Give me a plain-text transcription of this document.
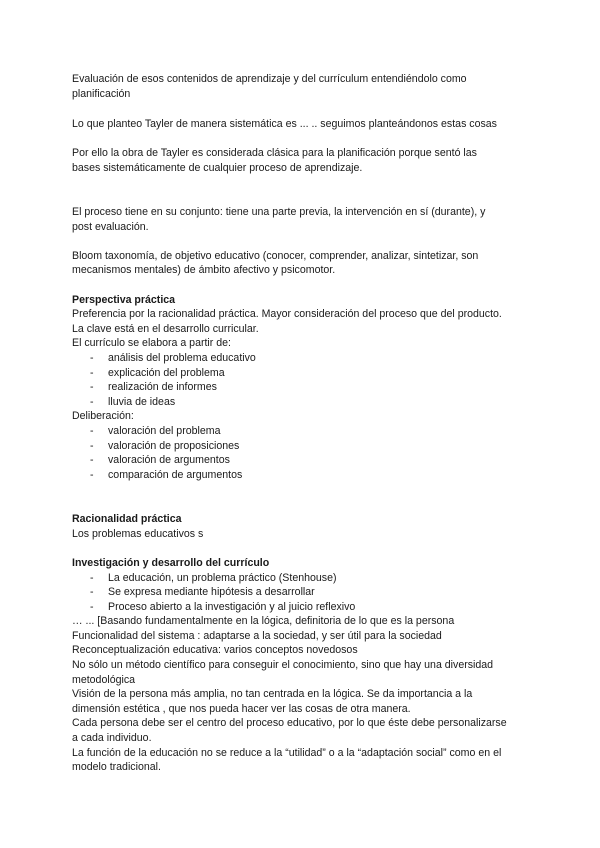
Evaluación de esos contenidos de aprendizaje y del currículum entendiéndolo como
planificación
Lo que planteo Tayler de manera sistemática es ... .. seguimos planteándonos estas cosas
Por ello la obra de Tayler es considerada clásica para la planificación porque sentó las
bases sistemáticamente de cualquier proceso de aprendizaje.
El proceso tiene en su conjunto: tiene una parte previa, la intervención en sí (durante), y
post evaluación.
Bloom taxonomía, de objetivo educativo (conocer, comprender, analizar, sintetizar, son
mecanismos mentales) de ámbito afectivo y psicomotor.
Perspectiva práctica
Preferencia por la racionalidad práctica. Mayor consideración del proceso que del producto.
La clave está en el desarrollo curricular.
El currículo se elabora a partir de:
-	análisis del problema educativo
-	explicación del problema
-	realización de informes
-	lluvia de ideas
Deliberación:
-	valoración del problema
-	valoración de proposiciones
-	valoración de argumentos
-	comparación de argumentos
Racionalidad práctica
Los problemas educativos s
Investigación y desarrollo del currículo
-	La educación, un problema práctico (Stenhouse)
-	Se expresa mediante hipótesis a desarrollar
-	Proceso abierto a la investigación y al juicio reflexivo
… ... [Basando fundamentalmente en la lógica, definitoria de lo que es la persona
Funcionalidad del sistema : adaptarse a la sociedad, y ser útil para la sociedad
Reconceptualización educativa: varios conceptos novedosos
No sólo un método científico para conseguir el conocimiento, sino que hay una diversidad
metodológica
Visión de la persona más amplia, no tan centrada en la lógica. Se da importancia a la
dimensión estética , que nos pueda hacer ver las cosas de otra manera.
Cada persona debe ser el centro del proceso educativo, por lo que éste debe personalizarse
a cada individuo.
La función de la educación no se reduce a la “utilidad” o a la “adaptación social” como en el
modelo tradicional.
